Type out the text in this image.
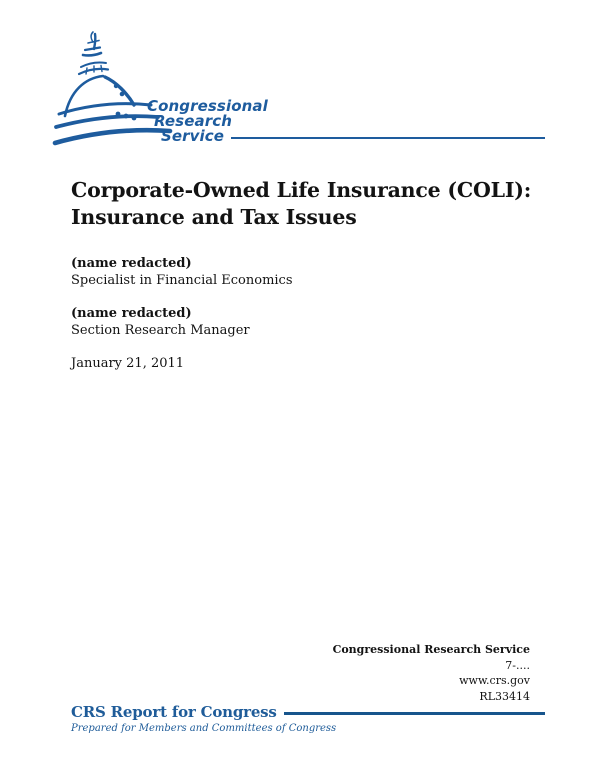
Congressional
Research
Service
Corporate-Owned Life Insurance (COLI):
Insurance and Tax Issues
(name redacted)
Specialist in Financial Economics
(name redacted)
Section Research Manager
January 21, 2011
Congressional Research Service
7-....
www.crs.gov
RL33414
CRS Report for Congress
Prepared for Members and Committees of Congress
